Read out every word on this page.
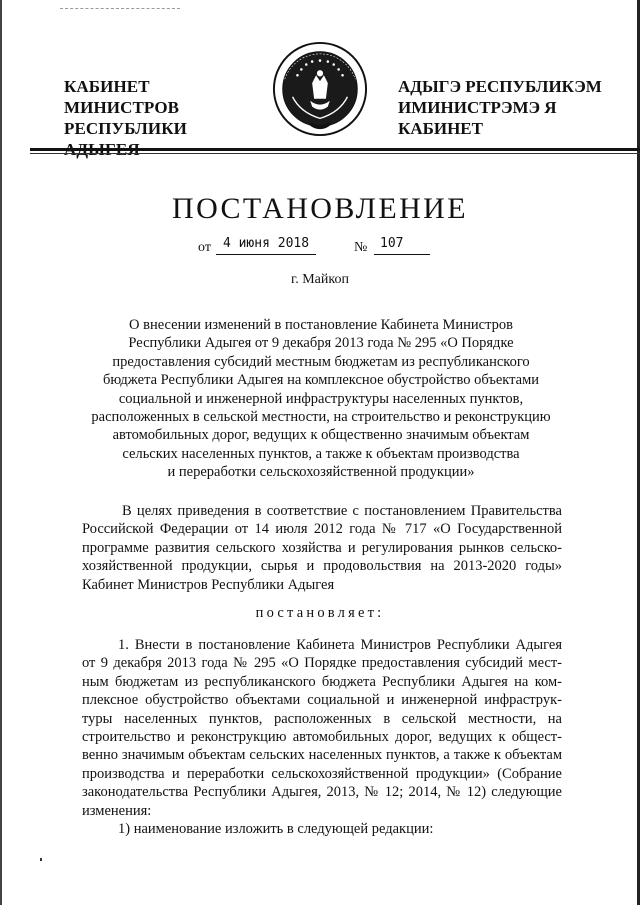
КАБИНЕТ МИНИСТРОВ
РЕСПУБЛИКИ
АДЫГЭ РЕСПУБЛИКЭМ
ИМИНИСТРЭМЭ Я КАБИНЕТ
ПОСТАНОВЛЕНИЕ
от 4 июня 2018	№ 107
г. Майкоп
О внесении изменений в постановление Кабинета Министров
Республики Адыгея от 9 декабря 2013 года № 295 «О Порядке
предоставления субсидий местным бюджетам из республиканского
бюджета Республики Адыгея на комплексное обустройство объектами
социальной и инженерной инфраструктуры населенных пунктов,
расположенных в сельской местности, на строительство и реконструкцию
автомобильных дорог, ведущих к общественно значимым объектам
сельских населенных пунктов, а также к объектам производства
и переработки сельскохозяйственной продукции»
В целях приведения в соответствие с постановлением Правительства Российской Федерации от 14 июля 2012 года № 717 «О Государственной программе развития сельского хозяйства и регулирования рынков сельскохозяйственной продукции, сырья и продовольствия на 2013-2020 годы» Кабинет Министров Республики Адыгея
постановляет:

1. Внести в постановление Кабинета Министров Республики Адыгея от 9 декабря 2013 года № 295 «О Порядке предоставления субсидий местным бюджетам из республиканского бюджета Республики Адыгея на комплексное обустройство объектами социальной и инженерной инфраструктуры населенных пунктов, расположенных в сельской местности, на строительство и реконструкцию автомобильных дорог, ведущих к общественно значимым объектам сельских населенных пунктов, а также к объектам производства и переработки сельскохозяйственной продукции» (Собрание законодательства Республики Адыгея, 2013, № 12; 2014, № 12) следующие изменения:

1) наименование изложить в следующей редакции:
